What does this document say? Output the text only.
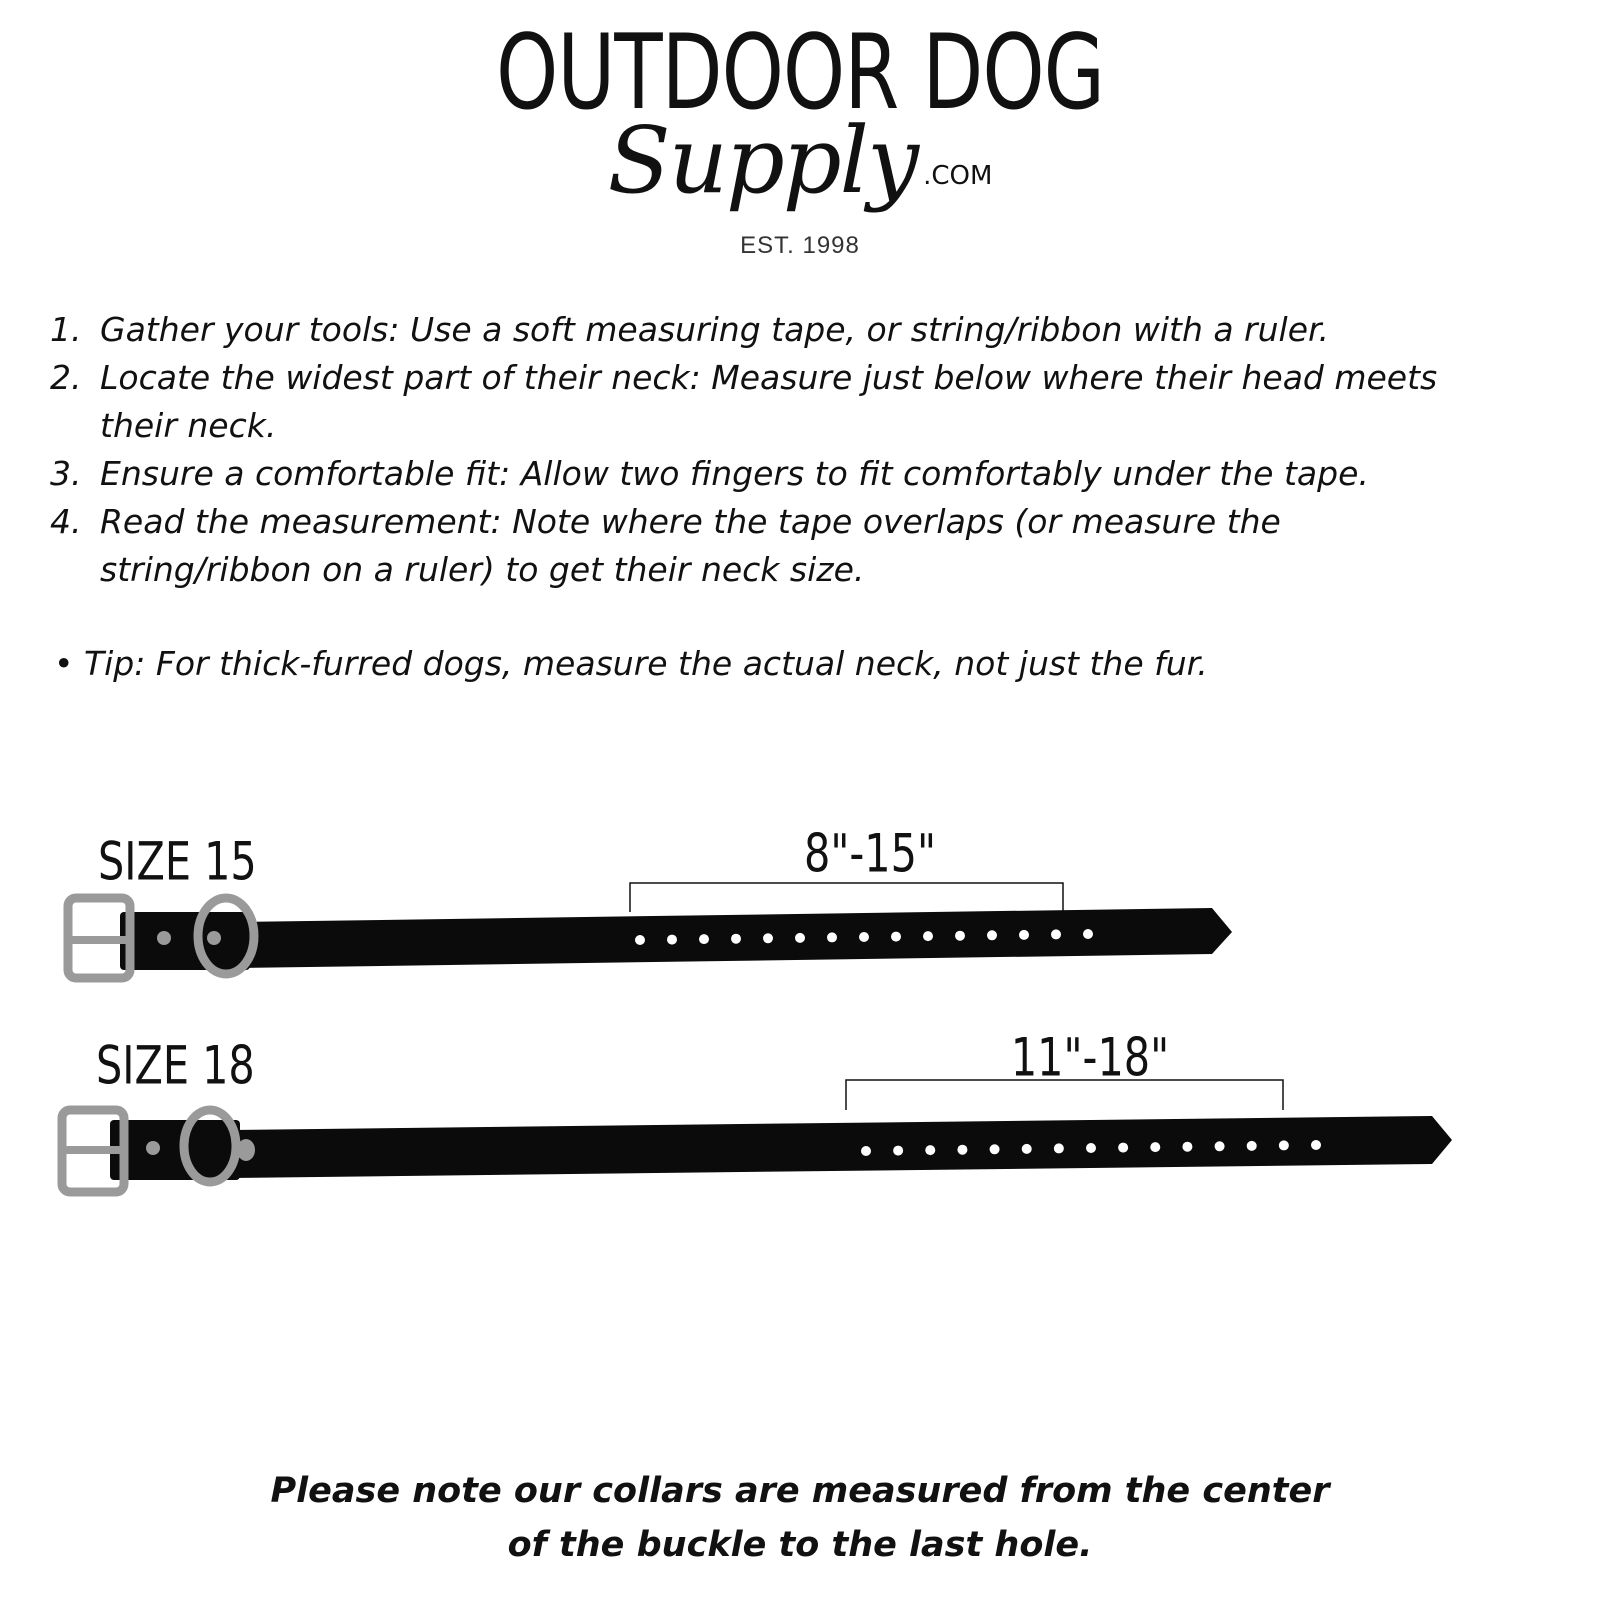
OUTDOOR DOG
Supply .COM
EST. 1998
1. Gather your tools: Use a soft measuring tape, or string/ribbon with a ruler.
2. Locate the widest part of their neck: Measure just below where their head meets
their neck.
3. Ensure a comfortable fit: Allow two fingers to fit comfortably under the tape.
4. Read the measurement: Note where the tape overlaps (or measure the
string/ribbon on a ruler) to get their neck size.
• Tip: For thick-furred dogs, measure the actual neck, not just the fur.
SIZE 15	8"-15"
SIZE 18	11"-18"
Please note our collars are measured from the center
of the buckle to the last hole.
